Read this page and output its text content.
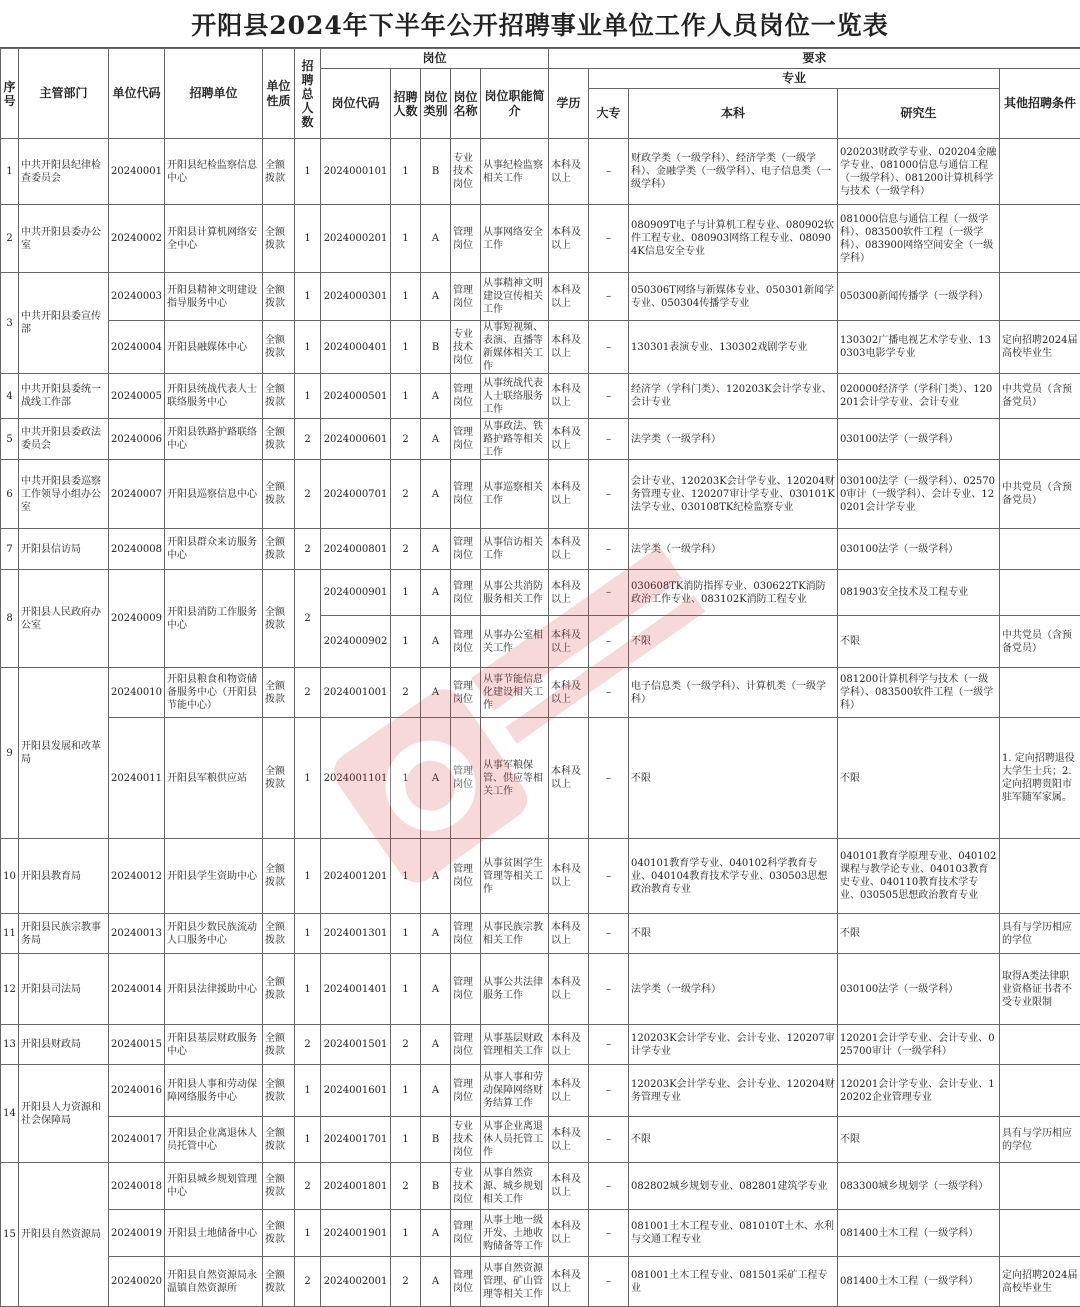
开阳县2024年下半年公开招聘事业单位工作人员岗位一览表
序号	主管部门	单位代码	招聘单位	单位性质	招聘总人数	岗位					要求				
						岗位代码	招聘人数	岗位类别	岗位名称	岗位职能简介	学历	专业			其他招聘条件
												大专	本科	研究生	
1	中共开阳县纪律检查委员会	20240001	开阳县纪检监察信息中心	全额拨款	1	2024000101	1	B	专业技术岗位	从事纪检监察相关工作	本科及以上	–	财政学类（一级学科）、经济学类（一级学科）、金融学类（一级学科）、电子信息类（一级学科）	020203财政学专业、020204金融学专业、081000信息与通信工程（一级学科）、081200计算机科学与技术（一级学科）	
2	中共开阳县委办公室	20240002	开阳县计算机网络安全中心	全额拨款	1	2024000201	1	A	管理岗位	从事网络安全工作	本科及以上	–	080909T电子与计算机工程专业、080902软件工程专业、080903网络工程专业、080904K信息安全专业	081000信息与通信工程（一级学科）、083500软件工程（一级学科）、083900网络空间安全（一级学科）	
3	中共开阳县委宣传部	20240003	开阳县精神文明建设指导服务中心	全额拨款	1	2024000301	1	A	管理岗位	从事精神文明建设宣传相关工作	本科及以上	–	050306T网络与新媒体专业、050301新闻学专业、050304传播学专业	050300新闻传播学（一级学科）	
		20240004	开阳县融媒体中心	全额拨款	1	2024000401	1	B	专业技术岗位	从事短视频、表演、直播等新媒体相关工作	本科及以上	–	130301表演专业、130302戏剧学专业	130302广播电视艺术学专业、130303电影学专业	定向招聘2024届高校毕业生
4	中共开阳县委统一战线工作部	20240005	开阳县统战代表人士联络服务中心	全额拨款	1	2024000501	1	A	管理岗位	从事统战代表人士联络服务工作	本科及以上	–	经济学（学科门类）、120203K会计学专业、会计专业	020000经济学（学科门类）、120201会计学专业、会计专业	中共党员（含预备党员）
5	中共开阳县委政法委员会	20240006	开阳县铁路护路联络中心	全额拨款	2	2024000601	2	A	管理岗位	从事政法、铁路护路等相关工作	本科及以上	–	法学类（一级学科）	030100法学（一级学科）	
6	中共开阳县委巡察工作领导小组办公室	20240007	开阳县巡察信息中心	全额拨款	2	2024000701	2	A	管理岗位	从事巡察相关工作	本科及以上	–	会计专业、120203K会计学专业、120204财务管理专业、120207审计学专业、030101K法学专业、030108TK纪检监察专业	030100法学（一级学科）、025700审计（一级学科）、会计专业、120201会计学专业	中共党员（含预备党员）
7	开阳县信访局	20240008	开阳县群众来访服务中心	全额拨款	2	2024000801	2	A	管理岗位	从事信访相关工作	本科及以上	–	法学类（一级学科）	030100法学（一级学科）	
8	开阳县人民政府办公室	20240009	开阳县消防工作服务中心	全额拨款	2	2024000901	1	A	管理岗位	从事公共消防服务相关工作	本科及以上	–	030608TK消防指挥专业、030622TK消防政治工作专业、083102K消防工程专业	081903安全技术及工程专业	
						2024000902	1	A	管理岗位	从事办公室相关工作	本科及以上	–	不限	不限	中共党员（含预备党员）
9	开阳县发展和改革局	20240010	开阳县粮食和物资储备服务中心（开阳县节能中心）	全额拨款	2	2024001001	2	A	管理岗位	从事节能信息化建设相关工作	本科及以上	–	电子信息类（一级学科）、计算机类（一级学科）	081200计算机科学与技术（一级学科）、083500软件工程（一级学科）	
		20240011	开阳县军粮供应站	全额拨款	1	2024001101	1	A	管理岗位	从事军粮保管、供应等相关工作	本科及以上	–	不限	不限	1. 定向招聘退役大学生士兵；2. 定向招聘贵阳市驻军随军家属。
10	开阳县教育局	20240012	开阳县学生资助中心	全额拨款	1	2024001201	1	A	管理岗位	从事贫困学生管理等相关工作	本科及以上	–	040101教育学专业、040102科学教育专业、040104教育技术学专业、030503思想政治教育专业	040101教育学原理专业、040102课程与教学论专业、040103教育史专业、040110教育技术学专业、030505思想政治教育专业	
11	开阳县民族宗教事务局	20240013	开阳县少数民族流动人口服务中心	全额拨款	1	2024001301	1	A	管理岗位	从事民族宗教相关工作	本科及以上	–	不限	不限	具有与学历相应的学位
12	开阳县司法局	20240014	开阳县法律援助中心	全额拨款	1	2024001401	1	A	管理岗位	从事公共法律服务工作	本科及以上	–	法学类（一级学科）	030100法学（一级学科）	取得A类法律职业资格证书者不受专业限制
13	开阳县财政局	20240015	开阳县基层财政服务中心	全额拨款	2	2024001501	2	A	管理岗位	从事基层财政管理相关工作	本科及以上	–	120203K会计学专业、会计专业、120207审计学专业	120201会计学专业、会计专业、025700审计（一级学科）	
14	开阳县人力资源和社会保障局	20240016	开阳县人事和劳动保障网络服务中心	全额拨款	1	2024001601	1	A	管理岗位	从事人事和劳动保障网络财务结算工作	本科及以上	–	120203K会计学专业、会计专业、120204财务管理专业	120201会计学专业、会计专业、120202企业管理专业	
		20240017	开阳县企业离退休人员托管中心	全额拨款	1	2024001701	1	B	专业技术岗位	从事企业离退休人员托管工作	本科及以上	–	不限	不限	具有与学历相应的学位
15	开阳县自然资源局	20240018	开阳县城乡规划管理中心	全额拨款	2	2024001801	2	B	专业技术岗位	从事自然资源、城乡规划相关工作	本科及以上	–	082802城乡规划专业、082801建筑学专业	083300城乡规划学（一级学科）	
		20240019	开阳县土地储备中心	全额拨款	1	2024001901	1	A	管理岗位	从事土地一级开发、土地收购储备等工作	本科及以上	–	081001土木工程专业、081010T土木、水利与交通工程专业	081400土木工程（一级学科）	
		20240020	开阳县自然资源局永温镇自然资源所	全额拨款	2	2024002001	2	A	管理岗位	从事自然资源管理、矿山管理等相关工作	本科及以上	–	081001土木工程专业、081501采矿工程专业	081400土木工程（一级学科）	定向招聘2024届高校毕业生
